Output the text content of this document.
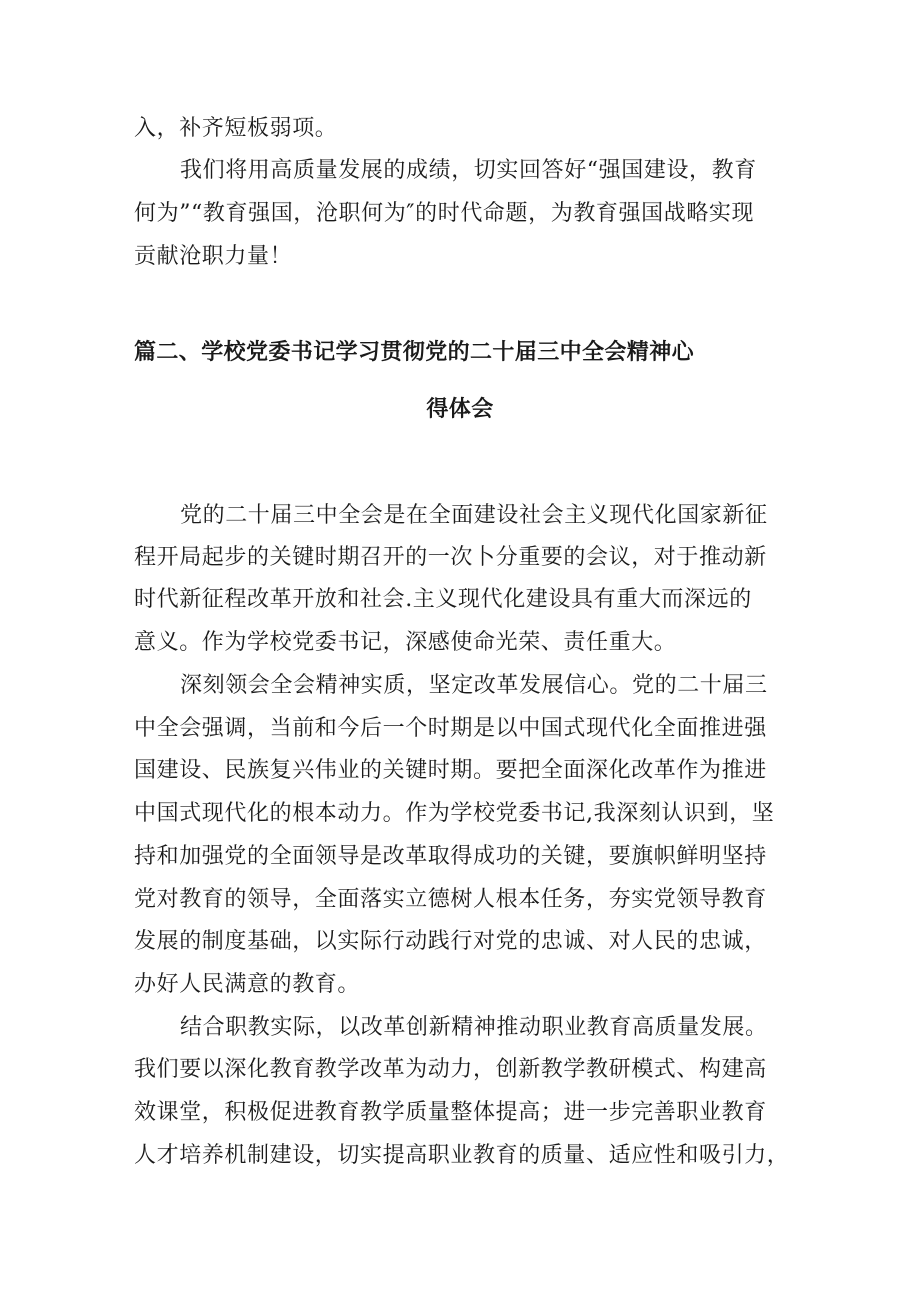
入，补齐短板弱项。
我们将用高质量发展的成绩，切实回答好“强国建设，教育
何为”“教育强国，沧职何为″的时代命题，为教育强国战略实现
贡献沧职力量！
篇二、学校党委书记学习贯彻党的二十届三中全会精神心
得体会
党的二十届三中全会是在全面建设社会主义现代化国家新征
程开局起步的关键时期召开的一次卜分重要的会议，对于推动新
时代新征程改革开放和社会.主义现代化建设具有重大而深远的
意义。作为学校党委书记，深感使命光荣、责任重大。
深刻领会全会精神实质，坚定改革发展信心。党的二十届三
中全会强调，当前和今后一个时期是以中国式现代化全面推进强
国建设、民族复兴伟业的关键时期。要把全面深化改革作为推进
中国式现代化的根本动力。作为学校党委书记,我深刻认识到，坚
持和加强党的全面领导是改革取得成功的关键，要旗帜鲜明坚持
党对教育的领导，全面落实立德树人根本任务，夯实党领导教育
发展的制度基础，以实际行动践行对党的忠诚、对人民的忠诚，
办好人民满意的教育。
结合职教实际，以改革创新精神推动职业教育高质量发展。
我们要以深化教育教学改革为动力，创新教学教研模式、构建高
效课堂，积极促进教育教学质量整体提高；进一步完善职业教育
人才培养机制建设，切实提高职业教育的质量、适应性和吸引力，
